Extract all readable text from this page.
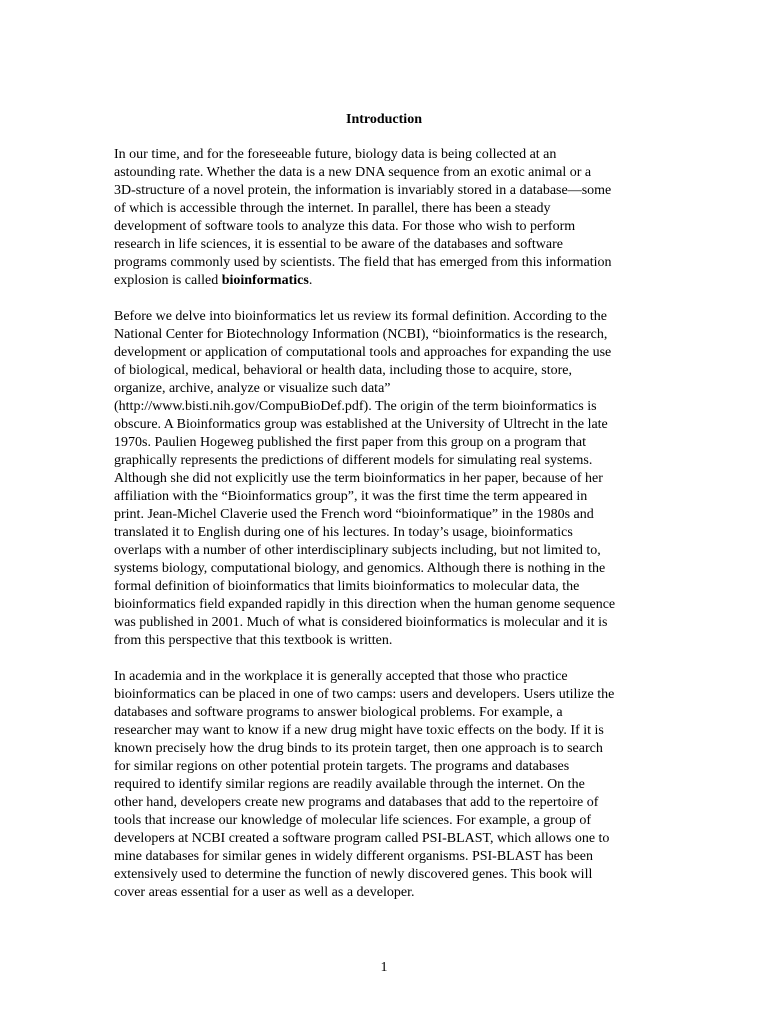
Introduction

In our time, and for the foreseeable future, biology data is being collected at an
astounding rate. Whether the data is a new DNA sequence from an exotic animal or a
3D-structure of a novel protein, the information is invariably stored in a database—some
of which is accessible through the internet. In parallel, there has been a steady
development of software tools to analyze this data. For those who wish to perform
research in life sciences, it is essential to be aware of the databases and software
programs commonly used by scientists. The field that has emerged from this information
explosion is called bioinformatics.

Before we delve into bioinformatics let us review its formal definition. According to the
National Center for Biotechnology Information (NCBI), “bioinformatics is the research,
development or application of computational tools and approaches for expanding the use
of biological, medical, behavioral or health data, including those to acquire, store,
organize, archive, analyze or visualize such data”
(http://www.bisti.nih.gov/CompuBioDef.pdf). The origin of the term bioinformatics is
obscure. A Bioinformatics group was established at the University of Ultrecht in the late
1970s. Paulien Hogeweg published the first paper from this group on a program that
graphically represents the predictions of different models for simulating real systems.
Although she did not explicitly use the term bioinformatics in her paper, because of her
affiliation with the “Bioinformatics group”, it was the first time the term appeared in
print. Jean-Michel Claverie used the French word “bioinformatique” in the 1980s and
translated it to English during one of his lectures. In today’s usage, bioinformatics
overlaps with a number of other interdisciplinary subjects including, but not limited to,
systems biology, computational biology, and genomics. Although there is nothing in the
formal definition of bioinformatics that limits bioinformatics to molecular data, the
bioinformatics field expanded rapidly in this direction when the human genome sequence
was published in 2001. Much of what is considered bioinformatics is molecular and it is
from this perspective that this textbook is written.

In academia and in the workplace it is generally accepted that those who practice
bioinformatics can be placed in one of two camps: users and developers. Users utilize the
databases and software programs to answer biological problems. For example, a
researcher may want to know if a new drug might have toxic effects on the body. If it is
known precisely how the drug binds to its protein target, then one approach is to search
for similar regions on other potential protein targets. The programs and databases
required to identify similar regions are readily available through the internet. On the
other hand, developers create new programs and databases that add to the repertoire of
tools that increase our knowledge of molecular life sciences. For example, a group of
developers at NCBI created a software program called PSI-BLAST, which allows one to
mine databases for similar genes in widely different organisms. PSI-BLAST has been
extensively used to determine the function of newly discovered genes. This book will
cover areas essential for a user as well as a developer.

1
